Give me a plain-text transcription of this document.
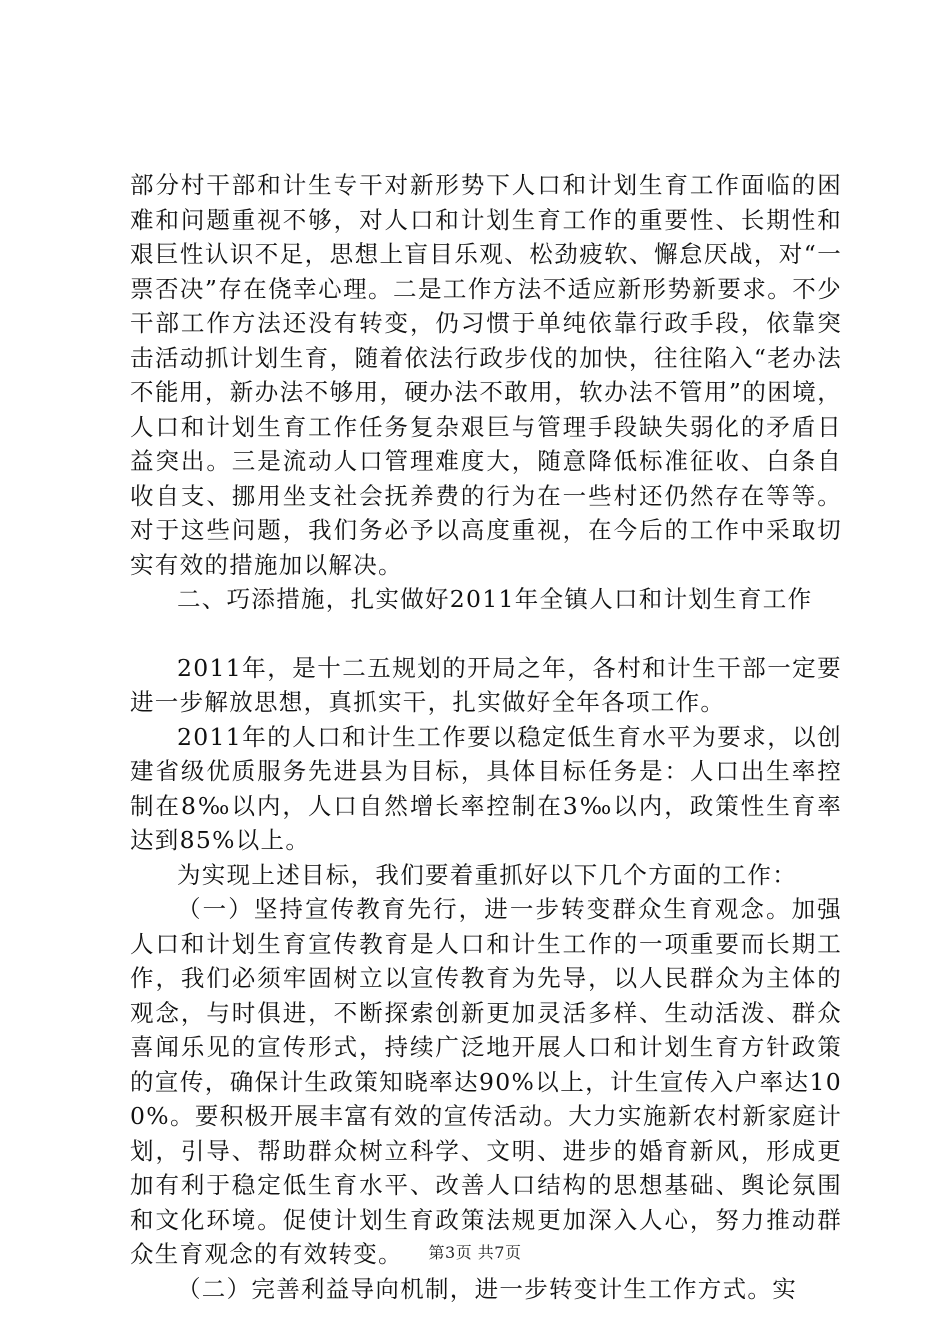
部分村干部和计生专干对新形势下人口和计划生育工作面临的困难和问题重视不够，对人口和计划生育工作的重要性、长期性和艰巨性认识不足，思想上盲目乐观、松劲疲软、懈怠厌战，对“一票否决”存在侥幸心理。二是工作方法不适应新形势新要求。不少干部工作方法还没有转变，仍习惯于单纯依靠行政手段，依靠突击活动抓计划生育，随着依法行政步伐的加快，往往陷入“老办法不能用，新办法不够用，硬办法不敢用，软办法不管用”的困境，人口和计划生育工作任务复杂艰巨与管理手段缺失弱化的矛盾日益突出。三是流动人口管理难度大，随意降低标准征收、白条自收自支、挪用坐支社会抚养费的行为在一些村还仍然存在等等。对于这些问题，我们务必予以高度重视，在今后的工作中采取切实有效的措施加以解决。

二、巧添措施，扎实做好2011年全镇人口和计划生育工作

2011年，是十二五规划的开局之年，各村和计生干部一定要进一步解放思想，真抓实干，扎实做好全年各项工作。

2011年的人口和计生工作要以稳定低生育水平为要求，以创建省级优质服务先进县为目标，具体目标任务是：人口出生率控制在8‰以内，人口自然增长率控制在3‰以内，政策性生育率达到85%以上。

为实现上述目标，我们要着重抓好以下几个方面的工作：

（一）坚持宣传教育先行，进一步转变群众生育观念。加强人口和计划生育宣传教育是人口和计生工作的一项重要而长期工作，我们必须牢固树立以宣传教育为先导，以人民群众为主体的观念，与时俱进，不断探索创新更加灵活多样、生动活泼、群众喜闻乐见的宣传形式，持续广泛地开展人口和计划生育方针政策的宣传，确保计生政策知晓率达90%以上，计生宣传入户率达100%。要积极开展丰富有效的宣传活动。大力实施新农村新家庭计划，引导、帮助群众树立科学、文明、进步的婚育新风，形成更加有利于稳定低生育水平、改善人口结构的思想基础、舆论氛围和文化环境。促使计划生育政策法规更加深入人心，努力推动群众生育观念的有效转变。

（二）完善利益导向机制，进一步转变计生工作方式。实

第3页 共7页
